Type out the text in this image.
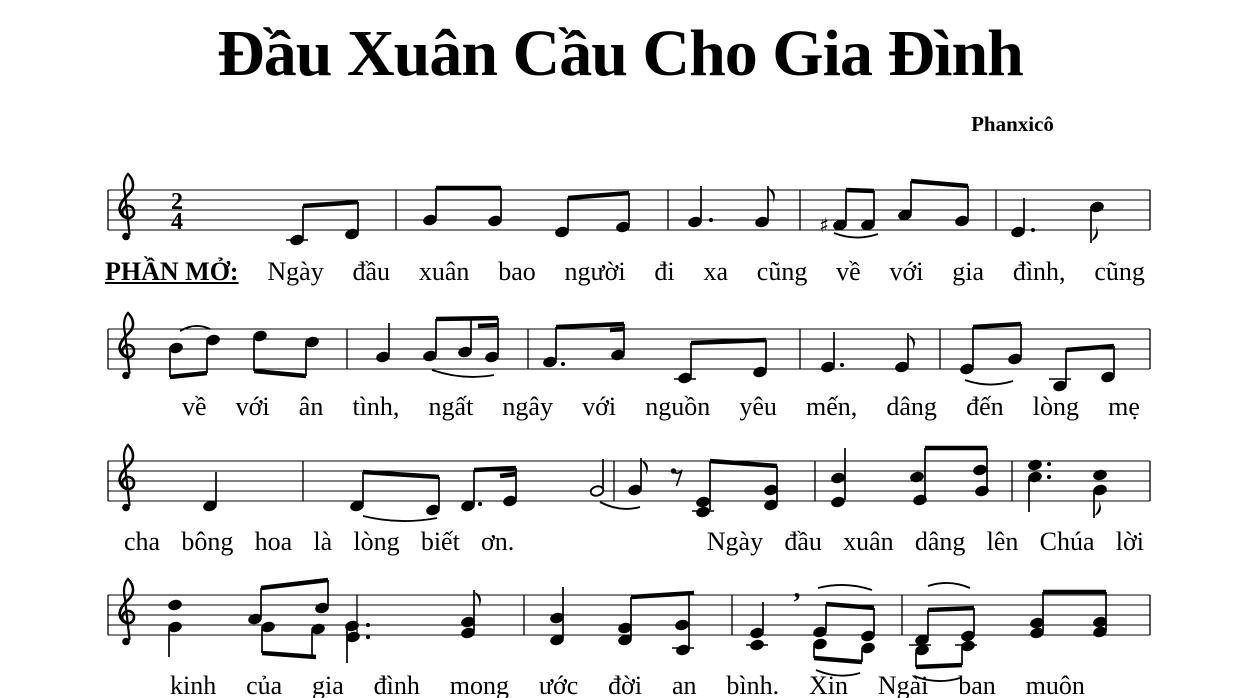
2
4	♯
,
Đầu Xuân Cầu Cho Gia Đình
Phanxicô
PHẦN MỞ: Ngày đầu xuân bao người đi xa cũng về với gia đình, cũng
về với ân tình, ngất ngây với nguồn yêu mến, dâng đến lòng mẹ
cha bông hoa là lòng biết ơn.	Ngày đầu xuân dâng lên Chúa lời
kinh của gia đình mong ước đời an bình. Xin Ngài ban muôn
